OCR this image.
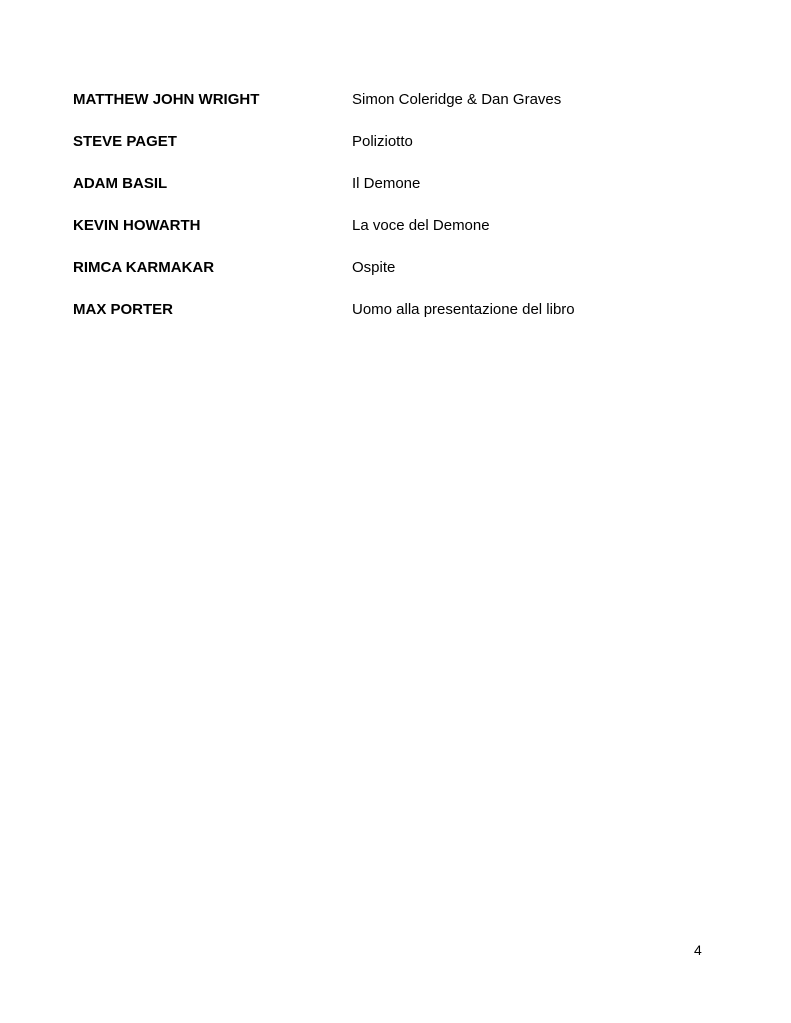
MATTHEW JOHN WRIGHT	Simon Coleridge & Dan Graves
STEVE PAGET	Poliziotto
ADAM BASIL	Il Demone
KEVIN HOWARTH	La voce del Demone
RIMCA KARMAKAR	Ospite
MAX PORTER	Uomo alla presentazione del libro
4
